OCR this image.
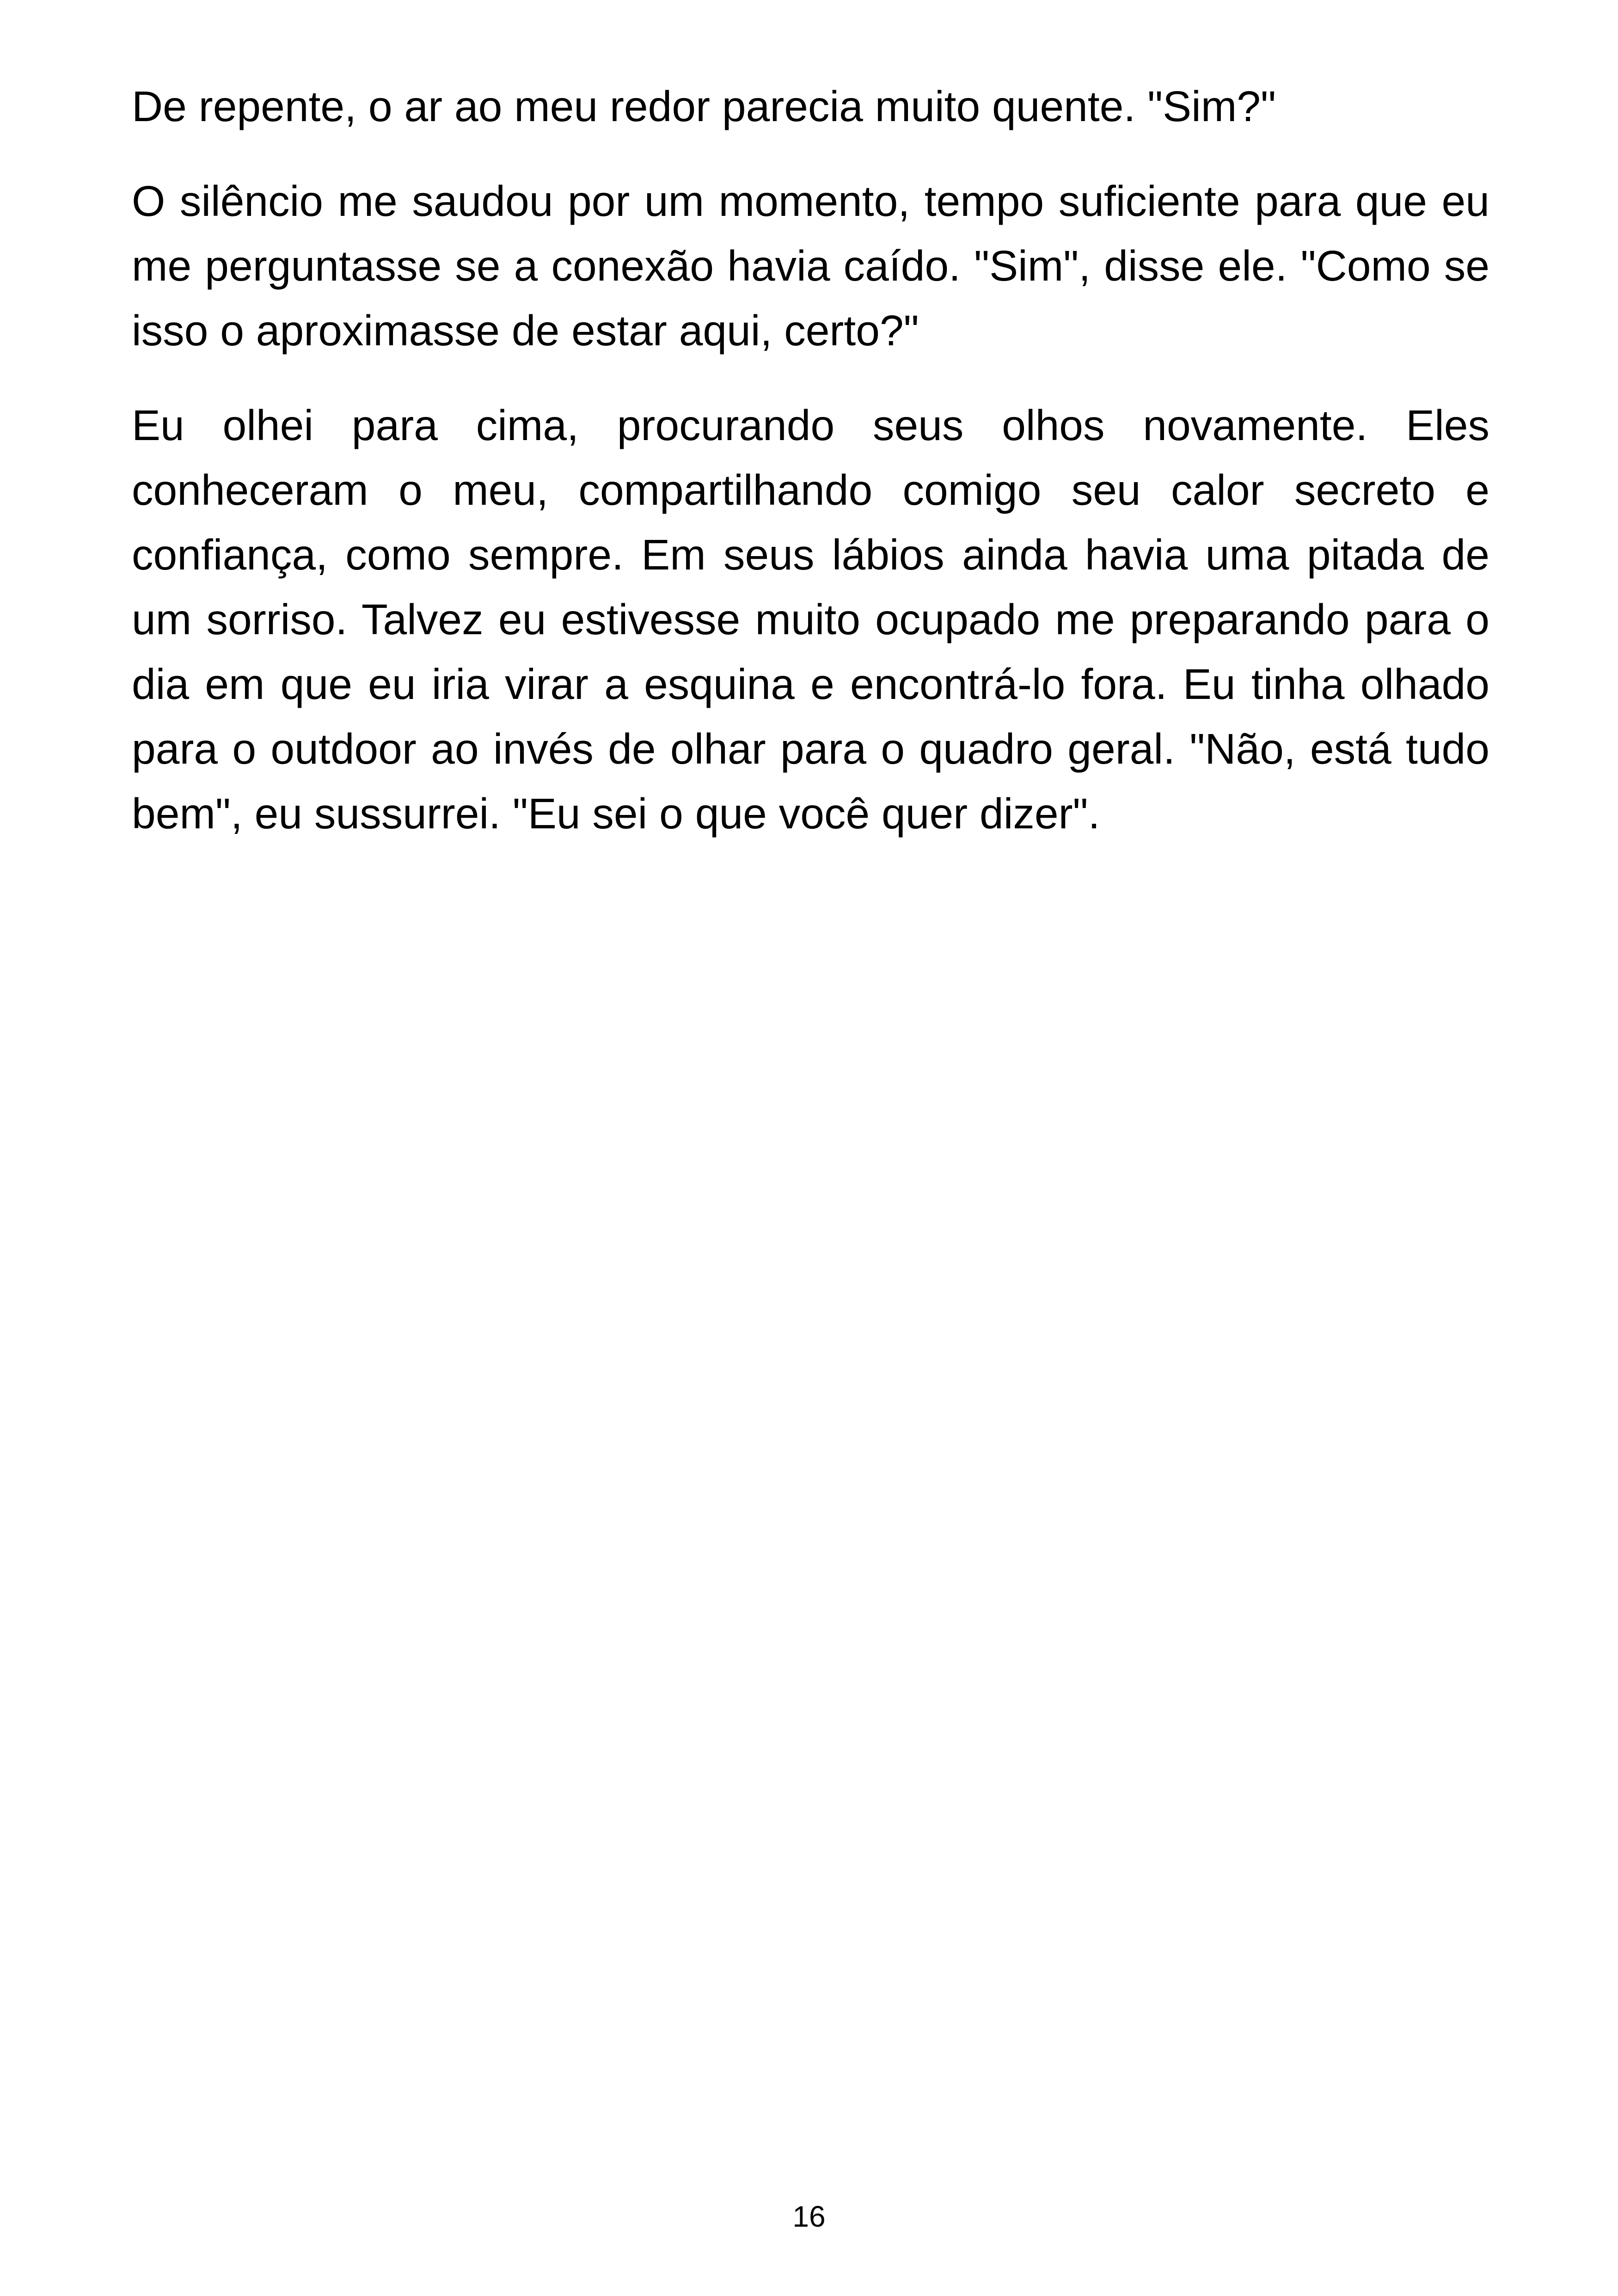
De repente, o ar ao meu redor parecia muito quente. "Sim?"

O silêncio me saudou por um momento, tempo suficiente para que eu me perguntasse se a conexão havia caído. "Sim", disse ele. "Como se isso o aproximasse de estar aqui, certo?"

Eu olhei para cima, procurando seus olhos novamente. Eles conheceram o meu, compartilhando comigo seu calor secreto e confiança, como sempre. Em seus lábios ainda havia uma pitada de um sorriso. Talvez eu estivesse muito ocupado me preparando para o dia em que eu iria virar a esquina e encontrá-lo fora. Eu tinha olhado para o outdoor ao invés de olhar para o quadro geral. "Não, está tudo bem", eu sussurrei. "Eu sei o que você quer dizer".

16
